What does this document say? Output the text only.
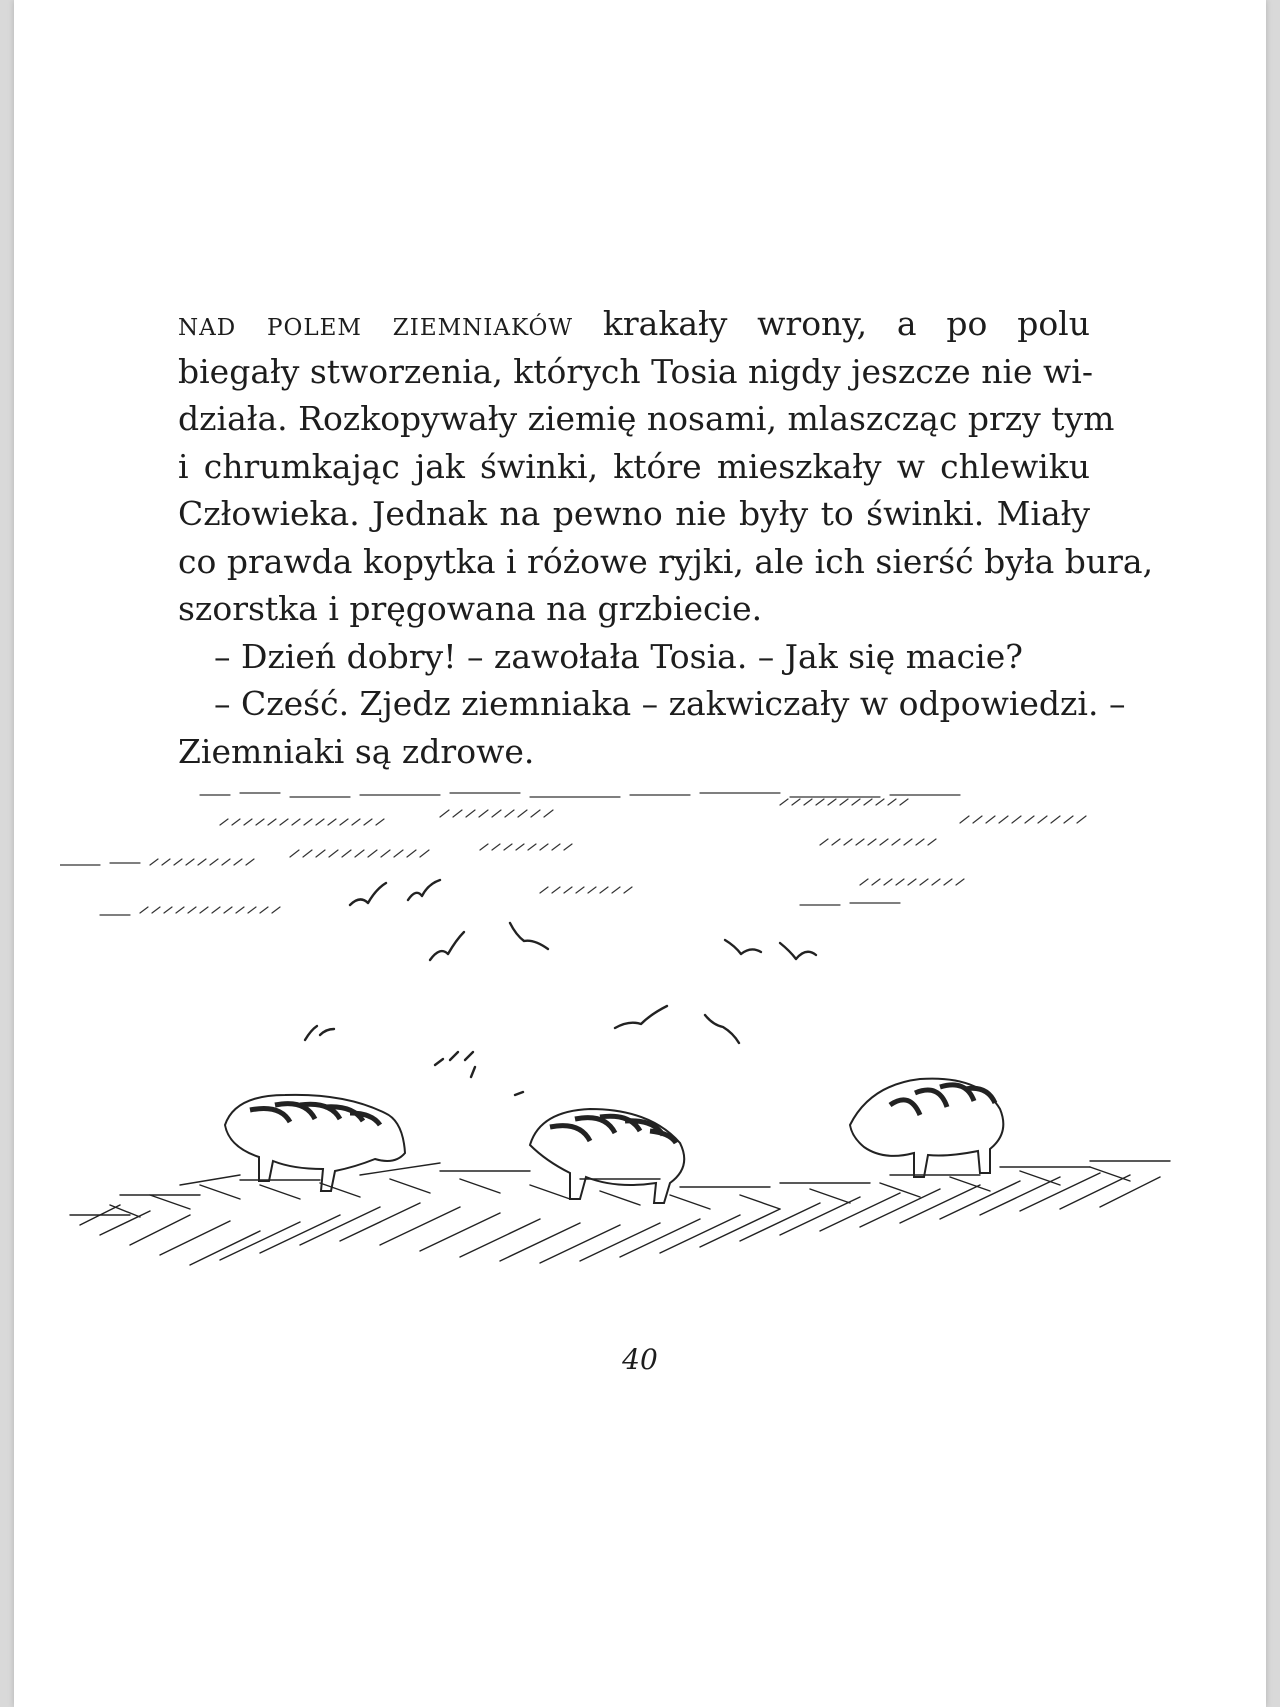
nad polem ziemniaków krakały wrony, a po polu
biegały stworzenia, których Tosia nigdy jeszcze nie wi-
działa. Rozkopywały ziemię nosami, mlaszcząc przy tym
i chrumkając jak świnki, które mieszkały w chlewiku
Człowieka. Jednak na pewno nie były to świnki. Miały
co prawda kopytka i różowe ryjki, ale ich sierść była bura,
szorstka i pręgowana na grzbiecie.
– Dzień dobry! – zawołała Tosia. – Jak się macie?
– Cześć. Zjedz ziemniaka – zakwiczały w odpowiedzi. –
Ziemniaki są zdrowe.
40
